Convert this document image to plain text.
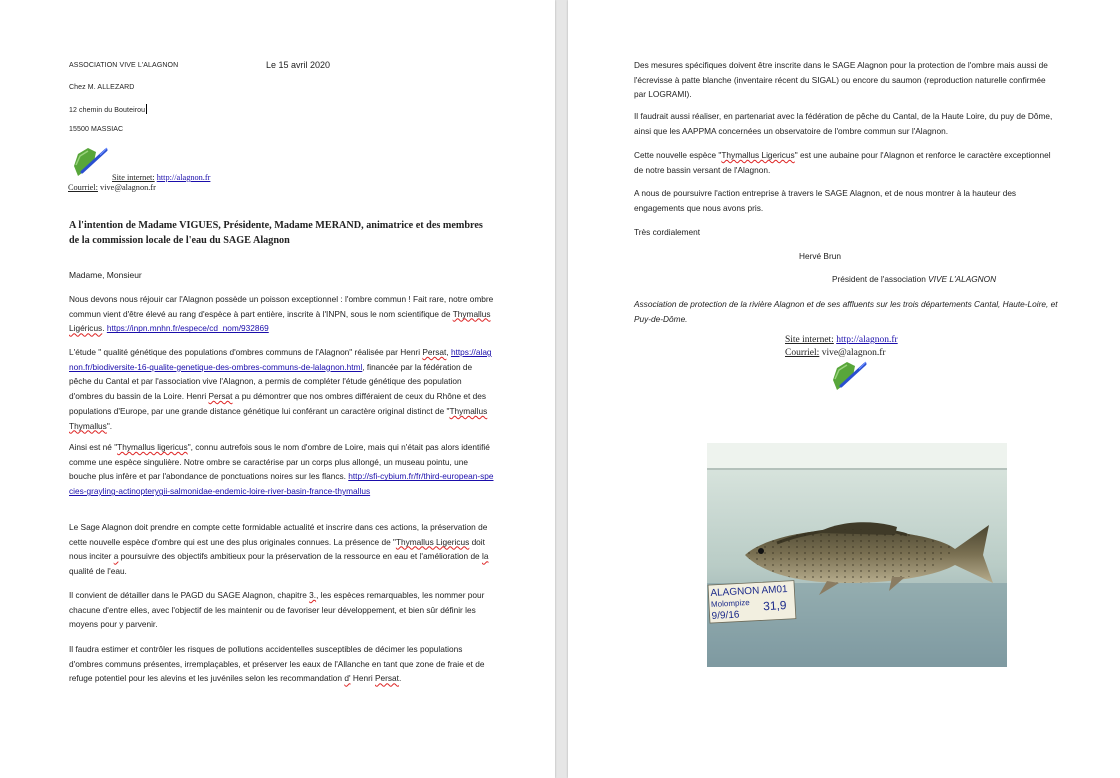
ASSOCIATION VIVE L'ALAGNON	Le 15 avril 2020
Chez M. ALLEZARD
12 chemin du Bouteirou
15500 MASSIAC
Site internet: http://alagnon.fr
Courriel: vive@alagnon.fr
A l'intention de Madame VIGUES, Présidente, Madame MERAND, animatrice et des membres de la commission locale de l'eau du SAGE Alagnon
Madame, Monsieur

Nous devons nous réjouir car l'Alagnon possède un poisson exceptionnel : l'ombre commun ! Fait rare, notre ombre commun vient d'être élevé au rang d'espèce à part entière, inscrite à l'INPN, sous le nom scientifique de Thymallus Ligéricus. https://inpn.mnhn.fr/espece/cd_nom/932869

L'étude " qualité génétique des populations d'ombres communs de l'Alagnon" réalisée par Henri Persat, https://alagnon.fr/biodiversite-16-qualite-genetique-des-ombres-communs-de-lalagnon.html, financée par la fédération de pêche du Cantal et par l'association vive l'Alagnon, a permis de compléter l'étude génétique des population d'ombres du bassin de la Loire. Henri Persat a pu démontrer que nos ombres différaient de ceux du Rhône et des populations d'Europe, par une grande distance génétique lui conférant un caractère original distinct de "Thymallus Thymallus".

Ainsi est né "Thymallus ligericus", connu autrefois sous le nom d'ombre de Loire, mais qui n'était pas alors identifié comme une espèce singulière. Notre ombre se caractérise par un corps plus allongé, un museau pointu, une bouche plus infère et par l'abondance de ponctuations noires sur les flancs. http://sfi-cybium.fr/fr/third-european-species-grayling-actinopterygii-salmonidae-endemic-loire-river-basin-france-thymallus

Le Sage Alagnon doit prendre en compte cette formidable actualité et inscrire dans ces actions, la préservation de cette nouvelle espèce d'ombre qui est une des plus originales connues. La présence de "Thymallus Ligericus doit nous inciter a poursuivre des objectifs ambitieux pour la préservation de la ressource en eau et l'amélioration de la qualité de l'eau.

Il convient de détailler dans le PAGD du SAGE Alagnon, chapitre 3., les espèces remarquables, les nommer pour chacune d'entre elles, avec l'objectif de les maintenir ou de favoriser leur développement, et bien sûr définir les moyens pour y parvenir.

Il faudra estimer et contrôler les risques de pollutions accidentelles susceptibles de décimer les populations d'ombres communs présentes, irremplaçables, et préserver les eaux de l'Allanche en tant que zone de fraie et de refuge potentiel pour les alevins et les juvéniles selon les recommandation d' Henri Persat.

Des mesures spécifiques doivent être inscrite dans le SAGE Alagnon pour la protection de l'ombre mais aussi de l'écrevisse à patte blanche (inventaire récent du SIGAL) ou encore du saumon (reproduction naturelle confirmée par LOGRAMI).

Il faudrait aussi réaliser, en partenariat avec la fédération de pêche du Cantal, de la Haute Loire, du puy de Dôme, ainsi que les AAPPMA concernées un observatoire de l'ombre commun sur l'Alagnon.

Cette nouvelle espèce "Thymallus Ligericus" est une aubaine pour l'Alagnon et renforce le caractère exceptionnel de notre bassin versant de l'Alagnon.

A nous de poursuivre l'action entreprise à travers le SAGE Alagnon, et de nous montrer à la hauteur des engagements que nous avons pris.

Très cordialement
Hervé Brun
Président de l'association VIVE L'ALAGNON

Association de protection de la rivière Alagnon et de ses affluents sur les trois départements Cantal, Haute-Loire, et Puy-de-Dôme.

Site internet: http://alagnon.fr
Courriel: vive@alagnon.fr
ALAGNON AM01
Molompize
9/9/16
31,9
